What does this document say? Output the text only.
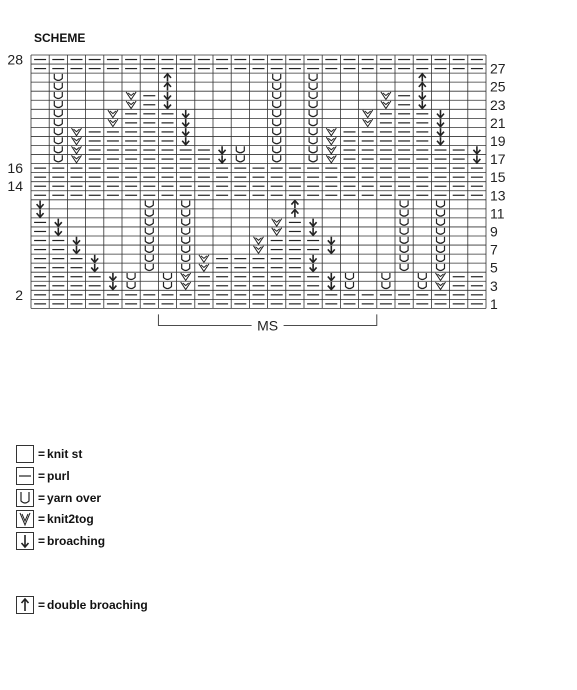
SCHEME
28
27
25
23
21
19
17
16
15
14
13
11
9
7
5
3
2
1
MS
= knit st
= purl
= yarn over
= knit2tog
= broaching
= double broaching
